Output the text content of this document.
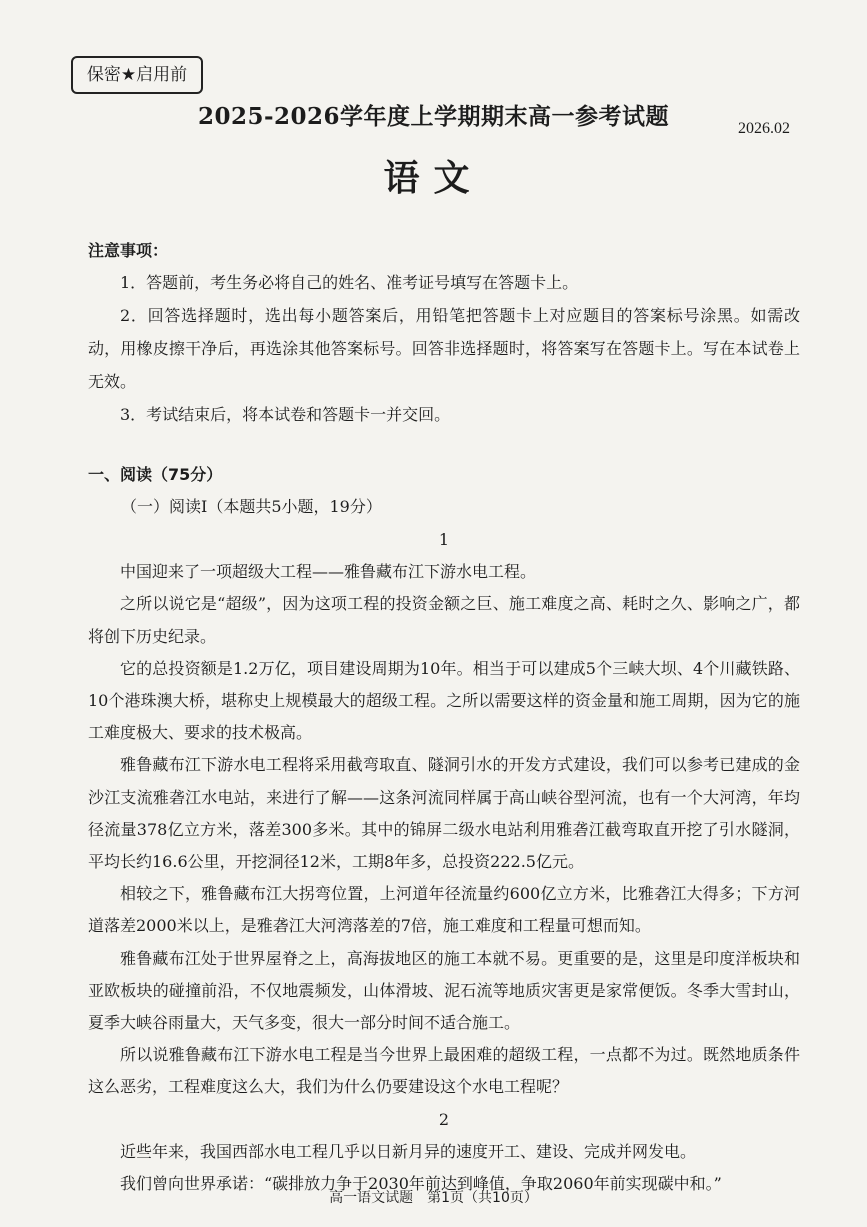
保密★启用前
2025-2026学年度上学期期末高一参考试题	2026.02
语文
注意事项：

1．答题前，考生务必将自己的姓名、准考证号填写在答题卡上。

2．回答选择题时，选出每小题答案后，用铅笔把答题卡上对应题目的答案标号涂黑。如需改动，用橡皮擦干净后，再选涂其他答案标号。回答非选择题时，将答案写在答题卡上。写在本试卷上无效。

3．考试结束后，将本试卷和答题卡一并交回。

一、阅读（75分）
（一）阅读Ⅰ（本题共5小题，19分）

1

中国迎来了一项超级大工程——雅鲁藏布江下游水电工程。

之所以说它是“超级”，因为这项工程的投资金额之巨、施工难度之高、耗时之久、影响之广，都将创下历史纪录。

它的总投资额是1.2万亿，项目建设周期为10年。相当于可以建成5个三峡大坝、4个川藏铁路、10个港珠澳大桥，堪称史上规模最大的超级工程。之所以需要这样的资金量和施工周期，因为它的施工难度极大、要求的技术极高。

雅鲁藏布江下游水电工程将采用截弯取直、隧洞引水的开发方式建设，我们可以参考已建成的金沙江支流雅砻江水电站，来进行了解——这条河流同样属于高山峡谷型河流，也有一个大河湾，年均径流量378亿立方米，落差300多米。其中的锦屏二级水电站利用雅砻江截弯取直开挖了引水隧洞，平均长约16.6公里，开挖洞径12米，工期8年多，总投资222.5亿元。

相较之下，雅鲁藏布江大拐弯位置，上河道年径流量约600亿立方米，比雅砻江大得多；下方河道落差2000米以上，是雅砻江大河湾落差的7倍，施工难度和工程量可想而知。

雅鲁藏布江处于世界屋脊之上，高海拔地区的施工本就不易。更重要的是，这里是印度洋板块和亚欧板块的碰撞前沿，不仅地震频发，山体滑坡、泥石流等地质灾害更是家常便饭。冬季大雪封山，夏季大峡谷雨量大，天气多变，很大一部分时间不适合施工。

所以说雅鲁藏布江下游水电工程是当今世界上最困难的超级工程，一点都不为过。既然地质条件这么恶劣，工程难度这么大，我们为什么仍要建设这个水电工程呢？

2

近些年来，我国西部水电工程几乎以日新月异的速度开工、建设、完成并网发电。

我们曾向世界承诺：“碳排放力争于2030年前达到峰值，争取2060年前实现碳中和。”

高一语文试题　第1页（共10页）
